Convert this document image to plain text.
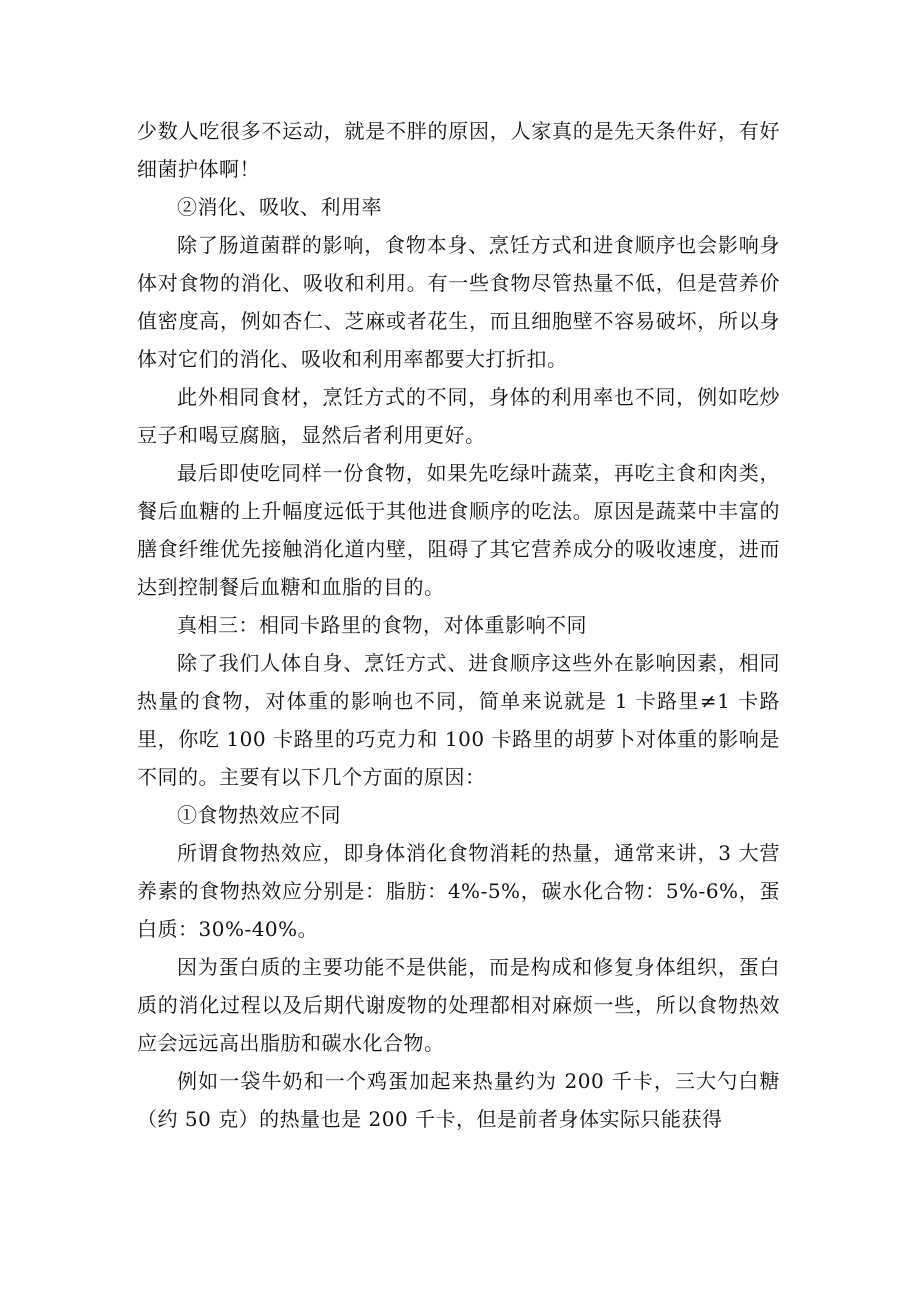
少数人吃很多不运动，就是不胖的原因，人家真的是先天条件好，有好细菌护体啊！

②消化、吸收、利用率

除了肠道菌群的影响，食物本身、烹饪方式和进食顺序也会影响身体对食物的消化、吸收和利用。有一些食物尽管热量不低，但是营养价值密度高，例如杏仁、芝麻或者花生，而且细胞壁不容易破坏，所以身体对它们的消化、吸收和利用率都要大打折扣。

此外相同食材，烹饪方式的不同，身体的利用率也不同，例如吃炒豆子和喝豆腐脑，显然后者利用更好。

最后即使吃同样一份食物，如果先吃绿叶蔬菜，再吃主食和肉类，餐后血糖的上升幅度远低于其他进食顺序的吃法。原因是蔬菜中丰富的膳食纤维优先接触消化道内壁，阻碍了其它营养成分的吸收速度，进而达到控制餐后血糖和血脂的目的。

真相三：相同卡路里的食物，对体重影响不同

除了我们人体自身、烹饪方式、进食顺序这些外在影响因素，相同热量的食物，对体重的影响也不同，简单来说就是 1 卡路里≠1 卡路里，你吃 100 卡路里的巧克力和 100 卡路里的胡萝卜对体重的影响是不同的。主要有以下几个方面的原因：

①食物热效应不同

所谓食物热效应，即身体消化食物消耗的热量，通常来讲，3 大营养素的食物热效应分别是：脂肪：4%-5%，碳水化合物：5%-6%，蛋白质：30%-40%。

因为蛋白质的主要功能不是供能，而是构成和修复身体组织，蛋白质的消化过程以及后期代谢废物的处理都相对麻烦一些，所以食物热效应会远远高出脂肪和碳水化合物。

例如一袋牛奶和一个鸡蛋加起来热量约为 200 千卡，三大勺白糖（约 50 克）的热量也是 200 千卡，但是前者身体实际只能获得
